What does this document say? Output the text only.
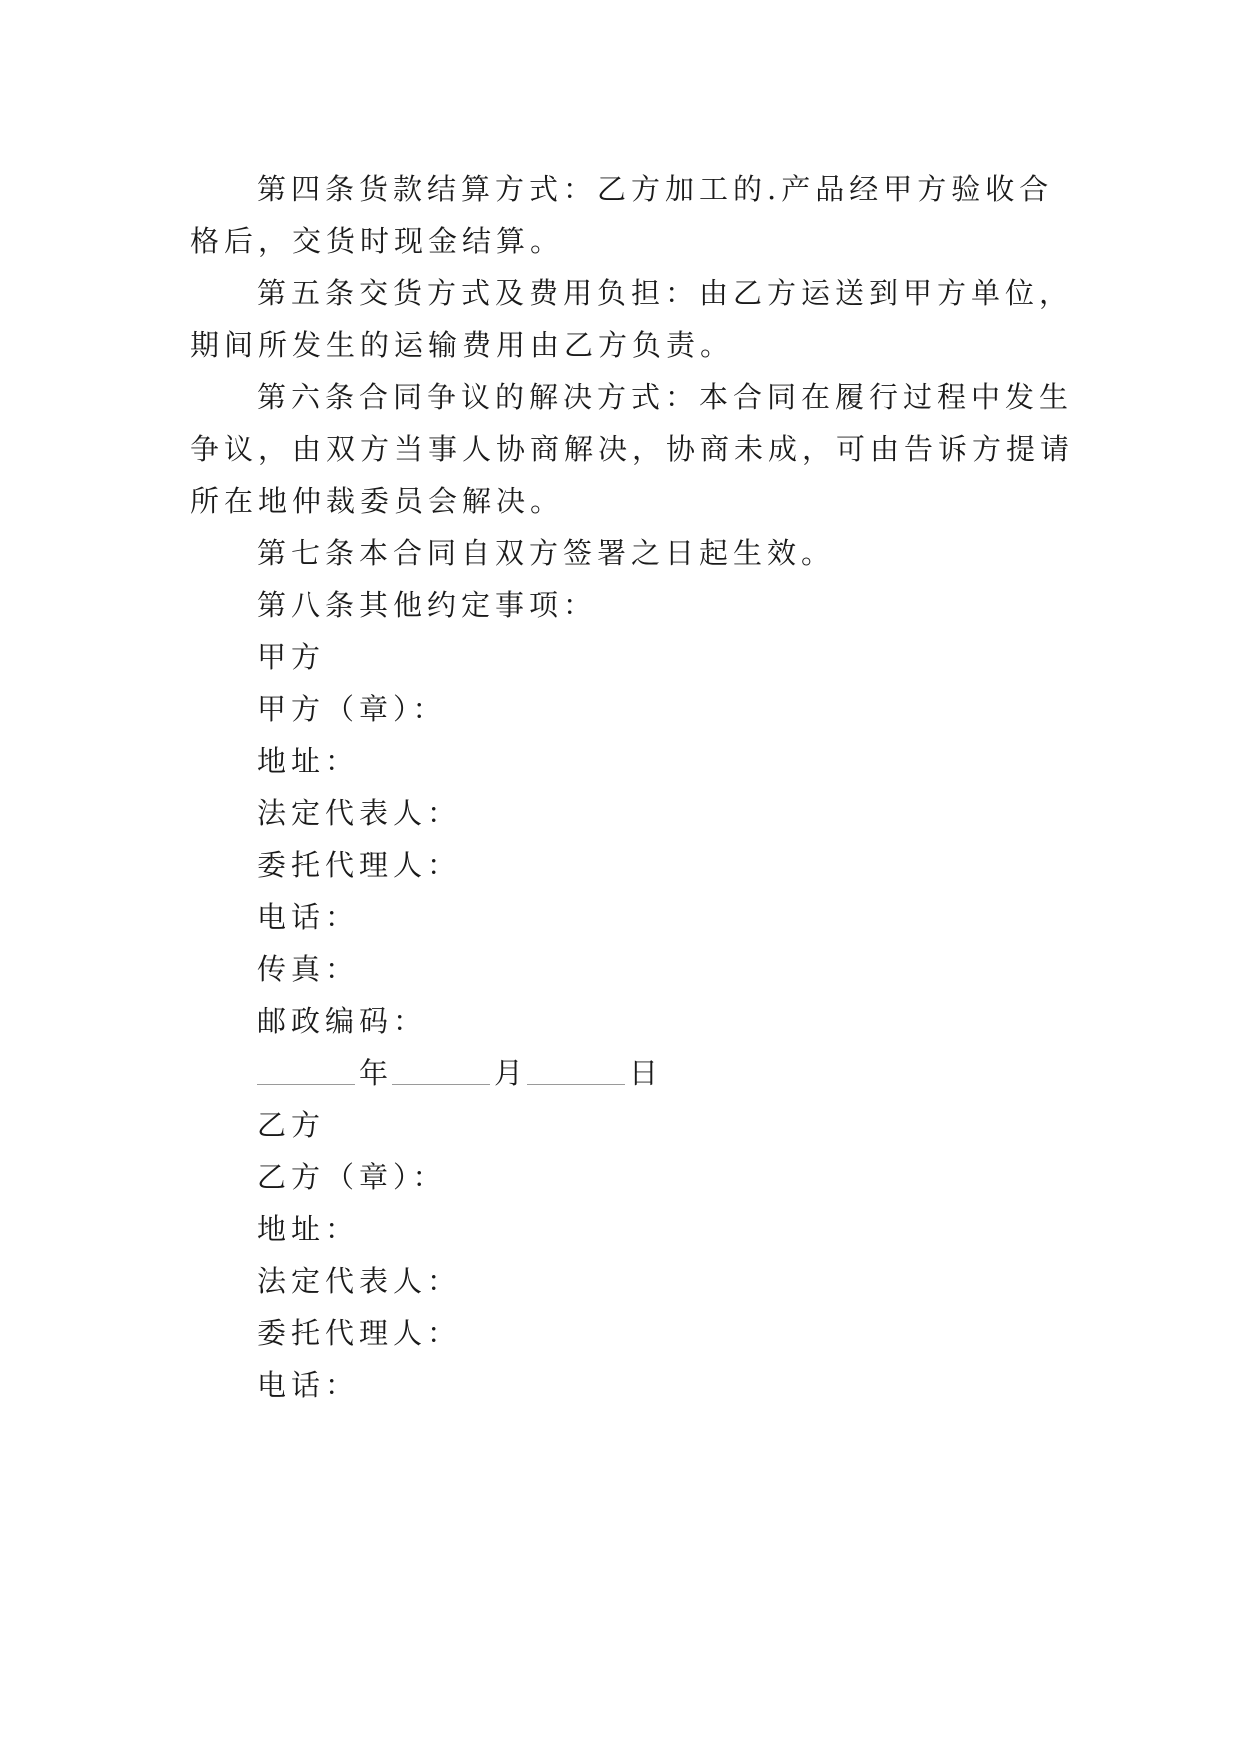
第四条货款结算方式：乙方加工的.产品经甲方验收合
格后，交货时现金结算。
第五条交货方式及费用负担：由乙方运送到甲方单位，
期间所发生的运输费用由乙方负责。
第六条合同争议的解决方式：本合同在履行过程中发生
争议，由双方当事人协商解决，协商未成，可由告诉方提请
所在地仲裁委员会解决。
第七条本合同自双方签署之日起生效。
第八条其他约定事项：
甲方
甲方（章）：
地址：
法定代表人：
委托代理人：
电话：
传真：
邮政编码：
年	月	日
乙方
乙方（章）：
地址：
法定代表人：
委托代理人：
电话：
